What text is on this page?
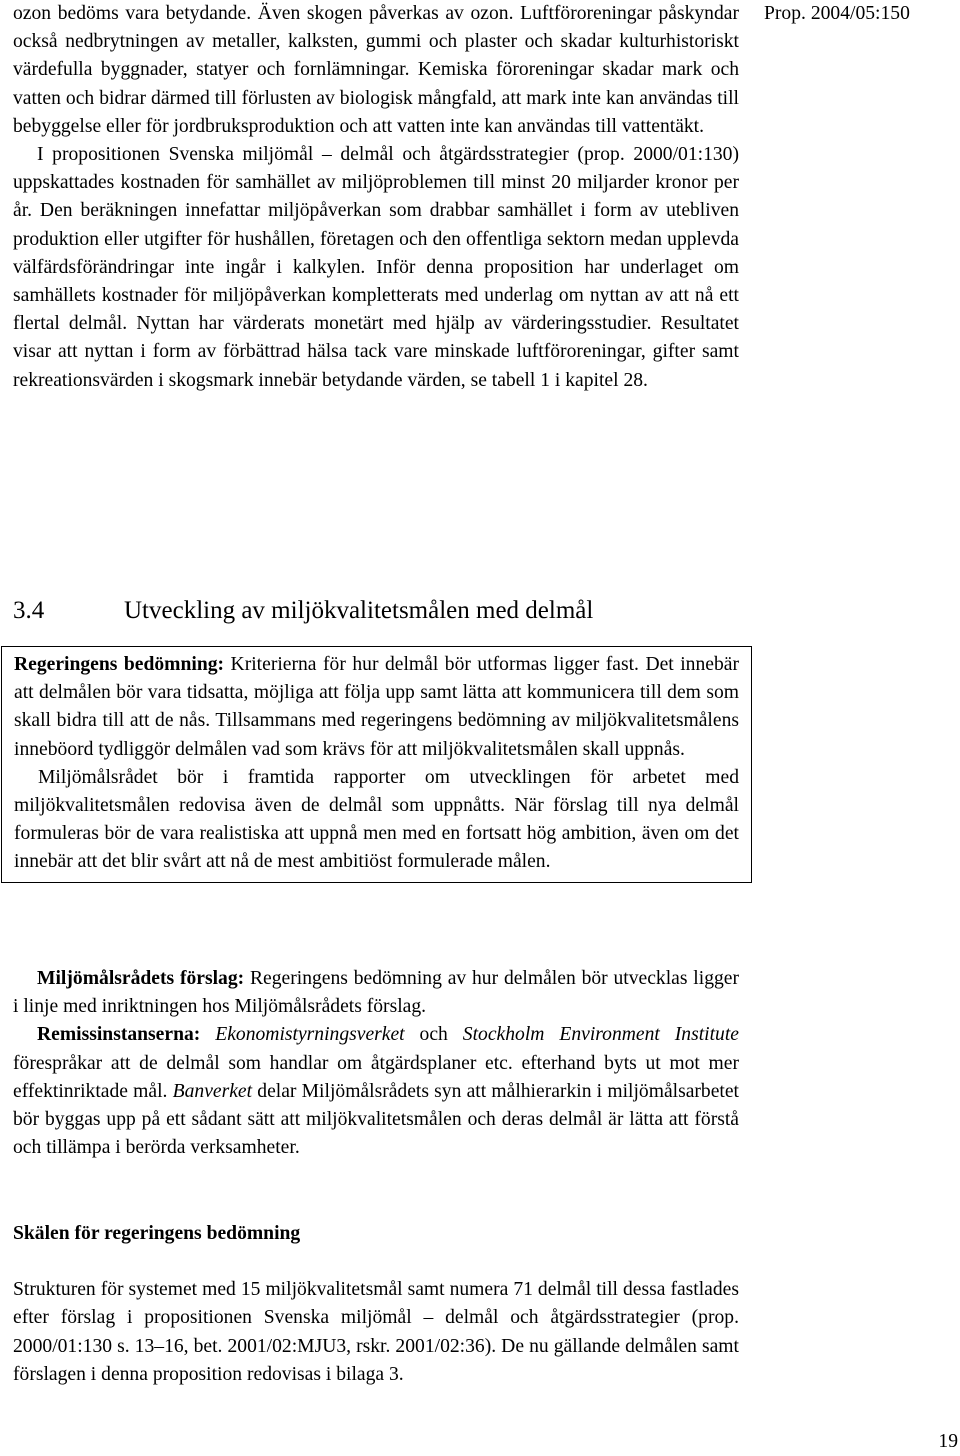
Prop. 2004/05:150

ozon bedöms vara betydande. Även skogen påverkas av ozon. Luftföroreningar påskyndar också nedbrytningen av metaller, kalksten, gummi och plaster och skadar kulturhistoriskt värdefulla byggnader, statyer och fornlämningar. Kemiska föroreningar skadar mark och vatten och bidrar därmed till förlusten av biologisk mångfald, att mark inte kan användas till bebyggelse eller för jordbruksproduktion och att vatten inte kan användas till vattentäkt.

I propositionen Svenska miljömål – delmål och åtgärdsstrategier (prop. 2000/01:130) uppskattades kostnaden för samhället av miljöproblemen till minst 20 miljarder kronor per år. Den beräkningen innefattar miljöpåverkan som drabbar samhället i form av utebliven produktion eller utgifter för hushållen, företagen och den offentliga sektorn medan upplevda välfärdsförändringar inte ingår i kalkylen. Inför denna proposition har underlaget om samhällets kostnader för miljöpåverkan kompletterats med underlag om nyttan av att nå ett flertal delmål. Nyttan har värderats monetärt med hjälp av värderingsstudier. Resultatet visar att nyttan i form av förbättrad hälsa tack vare minskade luftföroreningar, gifter samt rekreationsvärden i skogsmark innebär betydande värden, se tabell 1 i kapitel 28.

3.4	Utveckling av miljökvalitetsmålen med delmål

Regeringens bedömning: Kriterierna för hur delmål bör utformas ligger fast. Det innebär att delmålen bör vara tidsatta, möjliga att följa upp samt lätta att kommunicera till dem som skall bidra till att de nås. Tillsammans med regeringens bedömning av miljökvalitetsmålens inneböord tydliggör delmålen vad som krävs för att miljökvalitetsmålen skall uppnås.

Miljömålsrådet bör i framtida rapporter om utvecklingen för arbetet med miljökvalitetsmålen redovisa även de delmål som uppnåtts. När förslag till nya delmål formuleras bör de vara realistiska att uppnå men med en fortsatt hög ambition, även om det innebär att det blir svårt att nå de mest ambitiöst formulerade målen.

Miljömålsrådets förslag: Regeringens bedömning av hur delmålen bör utvecklas ligger i linje med inriktningen hos Miljömålsrådets förslag.

Remissinstanserna: Ekonomistyrningsverket och Stockholm Environment Institute förespråkar att de delmål som handlar om åtgärdsplaner etc. efterhand byts ut mot mer effektinriktade mål. Banverket delar Miljömålsrådets syn att målhierarkin i miljömålsarbetet bör byggas upp på ett sådant sätt att miljökvalitetsmålen och deras delmål är lätta att förstå och tillämpa i berörda verksamheter.

Skälen för regeringens bedömning

Strukturen för systemet med 15 miljökvalitetsmål samt numera 71 delmål till dessa fastlades efter förslag i propositionen Svenska miljömål – delmål och åtgärdsstrategier (prop. 2000/01:130 s. 13–16, bet. 2001/02:MJU3, rskr. 2001/02:36). De nu gällande delmålen samt förslagen i denna proposition redovisas i bilaga 3.

19
